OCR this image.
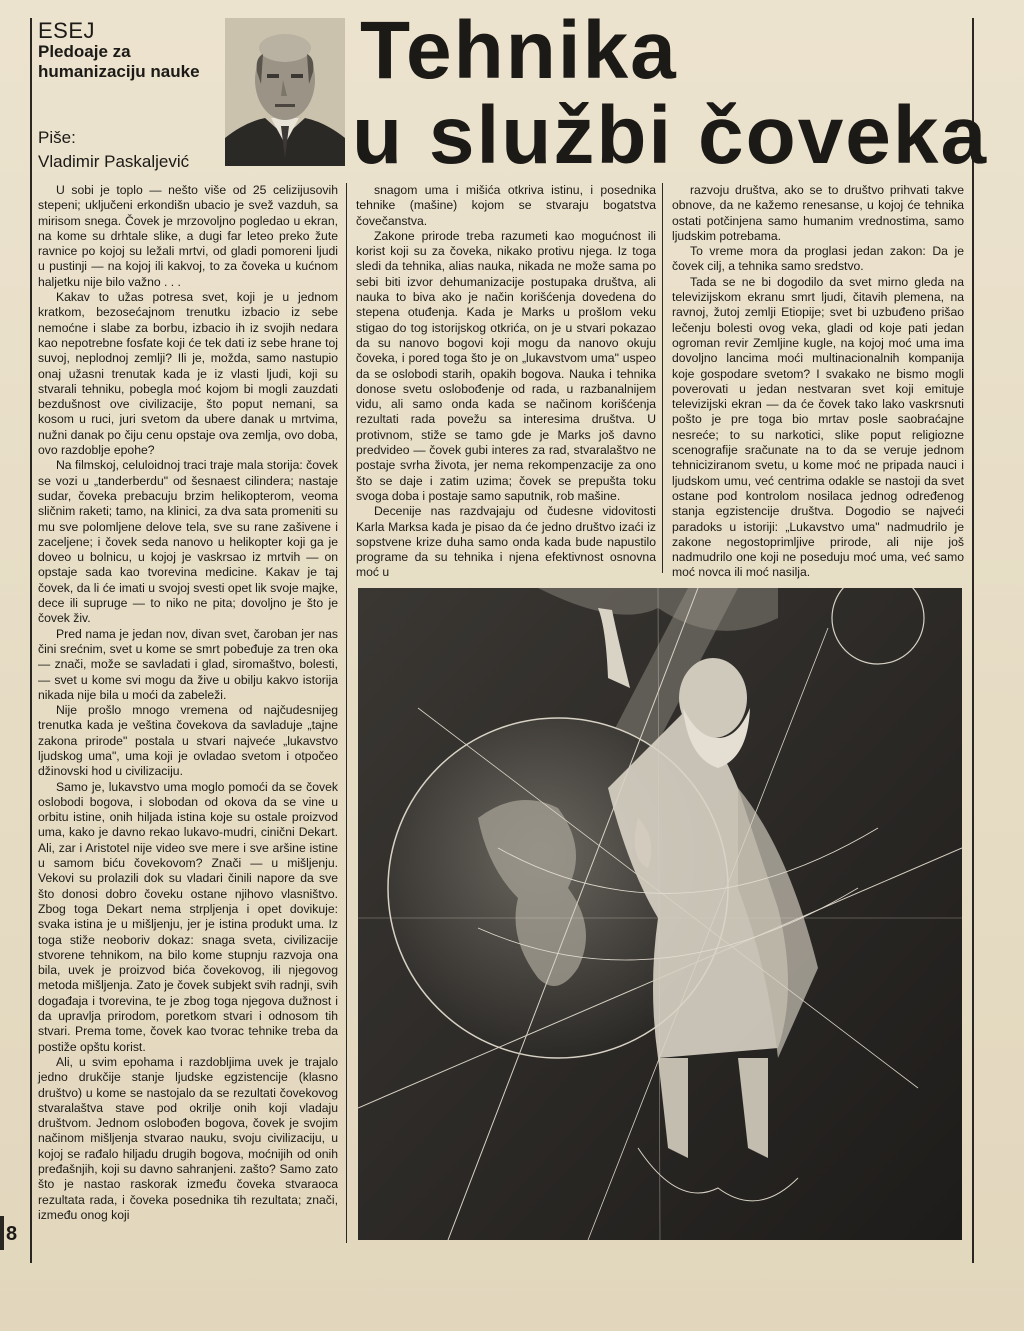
ESEJ
Pledoaje za humanizaciju nauke
Piše:
Vladimir Paskaljević
Tehnika
u službi čoveka

U sobi je toplo — nešto više od 25 celizijusovih stepeni; uključeni erkondišn ubacio je svež vazduh, sa mirisom snega. Čovek je mrzovoljno pogledao u ekran, na kome su drhtale slike, a dugi far leteo preko žute ravnice po kojoj su ležali mrtvi, od gladi pomoreni ljudi u pustinji — na kojoj ili kakvoj, to za čoveka u kućnom haljetku nije bilo važno . . .

Kakav to užas potresa svet, koji je u jednom kratkom, bezosećajnom trenutku izbacio iz sebe nemoćne i slabe za borbu, izbacio ih iz svojih nedara kao nepotrebne fosfate koji će tek dati iz sebe hrane toj suvoj, neplodnoj zemlji? Ili je, možda, samo nastupio onaj užasni trenutak kada je iz vlasti ljudi, koji su stvarali tehniku, pobegla moć kojom bi mogli zauzdati bezdušnost ove civilizacije, što poput nemani, sa kosom u ruci, juri svetom da ubere danak u mrtvima, nužni danak po čiju cenu opstaje ova zemlja, ovo doba, ovo razdoblje epohe?

Na filmskoj, celuloidnoj traci traje mala storija: čovek se vozi u „tanderberdu" od šesnaest cilindera; nastaje sudar, čoveka prebacuju brzim helikopterom, veoma sličnim raketi; tamo, na klinici, za dva sata promeniti su mu sve polomljene delove tela, sve su rane zašivene i zaceljene; i čovek seda nanovo u helikopter koji ga je dovео u bolnicu, u kojoj je vaskrsao iz mrtvih — on opstaje sada kao tvorevina medicine. Kakav je taj čovek, da li će imati u svojoj svesti opet lik svoje majke, dece ili supruge — to niko ne pita; dovoljno je što je čovek živ.

Pred nama je jedan nov, divan svet, čaroban jer nas čini srećnim, svet u kome se smrt pobeđuje za tren oka — znači, može se savladati i glad, siromaštvo, bolesti, — svet u kome svi mogu da žive u obilju kakvo istorija nikada nije bila u moći da zabeleži.

Nije prošlo mnogo vremena od najčudesnijeg trenutka kada je veština čovekova da savladuje „tajne zakona prirode" postala u stvari najveće „lukavstvo ljudskog uma", uma koji je ovladao svetom i otpočeo džinovski hod u civilizaciju.

Samo je, lukavstvo uma moglo pomoći da se čovek oslobodi bogova, i slobodan od okova da se vine u orbitu istine, onih hiljada istina koje su ostale proizvod uma, kako je davno rekao lukavo-mudri, cinični Dekart. Ali, zar i Aristotel nije video sve mere i sve aršine istine u samom biću čovekovom? Znači — u mišljenju. Vekovi su prolazili dok su vladari činili napore da sve što donosi dobro čoveku ostane njihovo vlasništvo. Zbog toga Dekart nema strpljenja i opet dovikuje: svaka istina je u mišljenju, jer je istina produkt uma. Iz toga stiže neoboriv dokaz: snaga sveta, civilizacije stvorene tehnikom, na bilo kome stupnju razvoja ona bila, uvek je proizvod bića čovekovog, ili njegovog metoda mišljenja. Zato je čovek subjekt svih radnji, svih događaja i tvorevina, te je zbog toga njegova dužnost i da upravlja prirodom, poretkom stvari i odnosom tih stvari. Prema tome, čovek kao tvorac tehnike treba da postiže opštu korist.

Ali, u svim epohama i razdobljima uvek je trajalo jedno drukčije stanje ljudske egzistencije (klasno društvo) u kome se nastojalo da se rezultati čovekovog stvaralaštva stave pod okrilje onih koji vladaju društvom. Jednom oslobođen bogova, čovek je svojim načinom mišljenja stvarao nauku, svoju civilizaciju, u kojoj se rađalo hiljadu drugih bogova, moćnijih od onih pređašnjih, koji su davno sahranjeni. zašto? Samo zato što je nastao raskorak između čoveka stvaraoca rezultata rada, i čoveka posednika tih rezultata; znači, između onog koji

snagom uma i mišića otkriva istinu, i posednika tehnike (mašine) kojom se stvaraju bogatstva čovečanstva.

Zakone prirode treba razumeti kao mogućnost ili korist koji su za čoveka, nikako protivu njega. Iz toga sledi da tehnika, alias nauka, nikada ne može sama po sebi biti izvor dehumanizacije postupaka društva, ali nauka to biva ako je način korišćenja dovedena do stepena otuđenja. Kada je Marks u prošlom veku stigao do tog istorijskog otkrića, on je u stvari pokazao da su nanovo bogovi koji mogu da nanovo okuju čoveka, i pored toga što je on „lukavstvom uma" uspeo da se oslobodi starih, opakih bogova. Nauka i tehnika donose svetu oslobođenje od rada, u razbanalnijem vidu, ali samo onda kada se načinom korišćenja rezultati rada povežu sa interesima društva. U protivnom, stiže se tamo gde je Marks još davno predvideo — čovek gubi interes za rad, stvaralaštvo ne postaje svrha života, jer nema rekompenzacije za ono što se daje i zatim uzima; čovek se prepušta toku svoga doba i postaje samo saputnik, rob mašine.

Decenije nas razdvajaju od čudesne vidovitosti Karla Marksa kada je pisao da će jedno društvo izaći iz sopstvene krize duha samo onda kada bude napustilo programe da su tehnika i njena efektivnost osnovna moć u

razvoju društva, ako se to društvo prihvati takve obnove, da ne kažemo renesanse, u kojoj će tehnika ostati potčinjena samo humanim vrednostima, samo ljudskim potrebama.

To vreme mora da proglasi jedan zakon: Da je čovek cilj, a tehnika samo sredstvo.

Tada se ne bi dogodilo da svet mirno gleda na televizijskom ekranu smrt ljudi, čitavih plemena, na ravnoj, žutoj zemlji Etiopije; svet bi uzbuđeno prišao lečenju bolesti ovog veka, gladi od koje pati jedan ogroman revir Zemljine kugle, na kojoj moć uma ima dovoljno lancima moći multinacionalnih kompanija koje gospodare svetom? I svakako ne bismo mogli poverovati u jedan nestvaran svet koji emituje televizijski ekran — da će čovek tako lako vaskrsnuti pošto je pre toga bio mrtav posle saobraćajne nesreće; to su narkotici, slike poput religiozne scenografije sračunate na to da se veruje jednom tehniciziranom svetu, u kome moć ne pripada nauci i ljudskom umu, već centrima odakle se nastoji da svet ostane pod kontrolom nosilaca jednog određenog stanja egzistencije društva. Dogodio se najveći paradoks u istoriji: „Lukavstvo uma" nadmudrilo je zakone negostoprimljive prirode, ali nije još nadmudrilo one koji ne poseduju moć uma, već samo moć novca ili moć nasilja.

8
